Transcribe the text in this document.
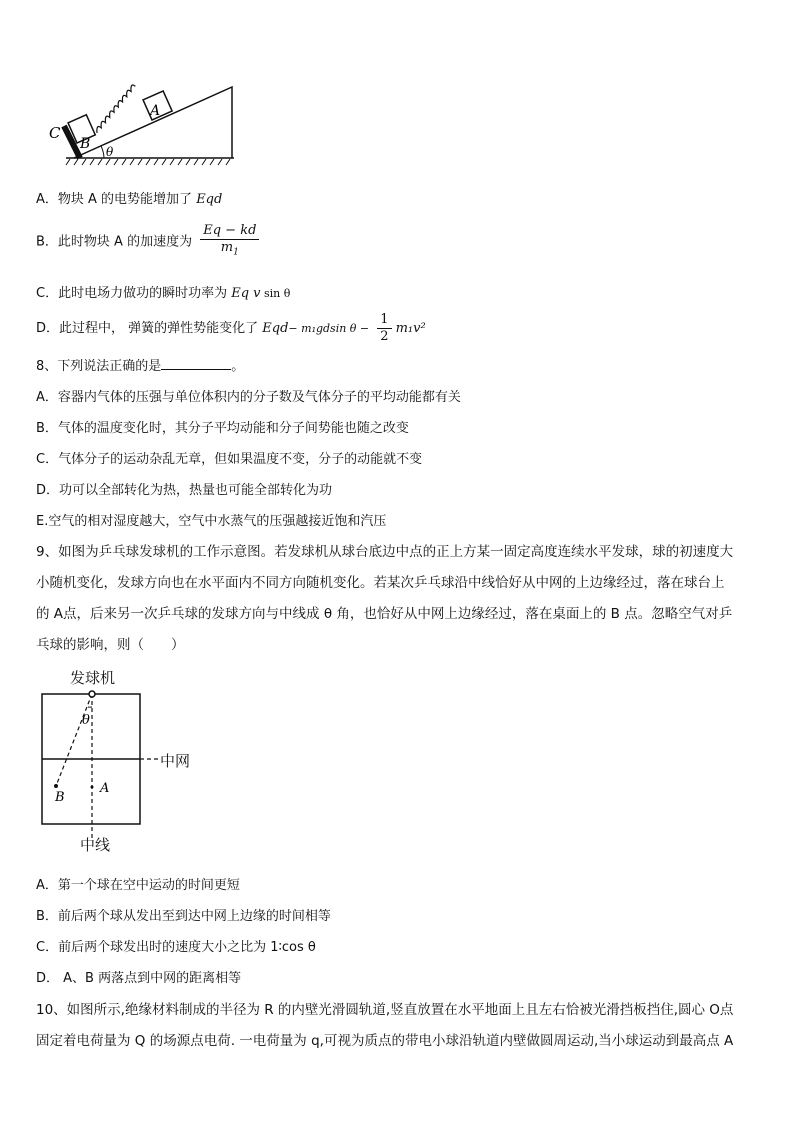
C
B
A
θ
A．物块 A 的电势能增加了 Eqd
B．此时物块 A 的加速度为 $\frac{Eq - kd}{m_1}$
C．此时电场力做功的瞬时功率为 Eq v sin θ
D．此过程中， 弹簧的弹性势能变化了 Eqd− m₁gdsin $\theta - \frac{1}{2} m_1v^2$
8、下列说法正确的是	。
A．容器内气体的压强与单位体积内的分子数及气体分子的平均动能都有关
B．气体的温度变化时，其分子平均动能和分子间势能也随之改变
C．气体分子的运动杂乱无章，但如果温度不变，分子的动能就不变
D．功可以全部转化为热，热量也可能全部转化为功
E.空气的相对湿度越大，空气中水蒸气的压强越接近饱和汽压
9、如图为乒乓球发球机的工作示意图。若发球机从球台底边中点的正上方某一固定高度连续水平发球，球的初速度大
小随机变化，发球方向也在水平面内不同方向随机变化。若某次乒乓球沿中线恰好从中网的上边缘经过，落在球台上
的 A点，后来另一次乒乓球的发球方向与中线成 θ 角，也恰好从中网上边缘经过，落在桌面上的 B 点。忽略空气对乒
乓球的影响，则（　　）
发球机
中网
中线
θ
B
A
A．第一个球在空中运动的时间更短
B．前后两个球从发出至到达中网上边缘的时间相等
C．前后两个球发出时的速度大小之比为 1∶cos θ
D． A、B 两落点到中网的距离相等
10、如图所示,绝缘材料制成的半径为 R 的内壁光滑圆轨道,竖直放置在水平地面上且左右恰被光滑挡板挡住,圆心 O点
固定着电荷量为 Q 的场源点电荷. 一电荷量为 q,可视为质点的带电小球沿轨道内壁做圆周运动,当小球运动到最高点 A
